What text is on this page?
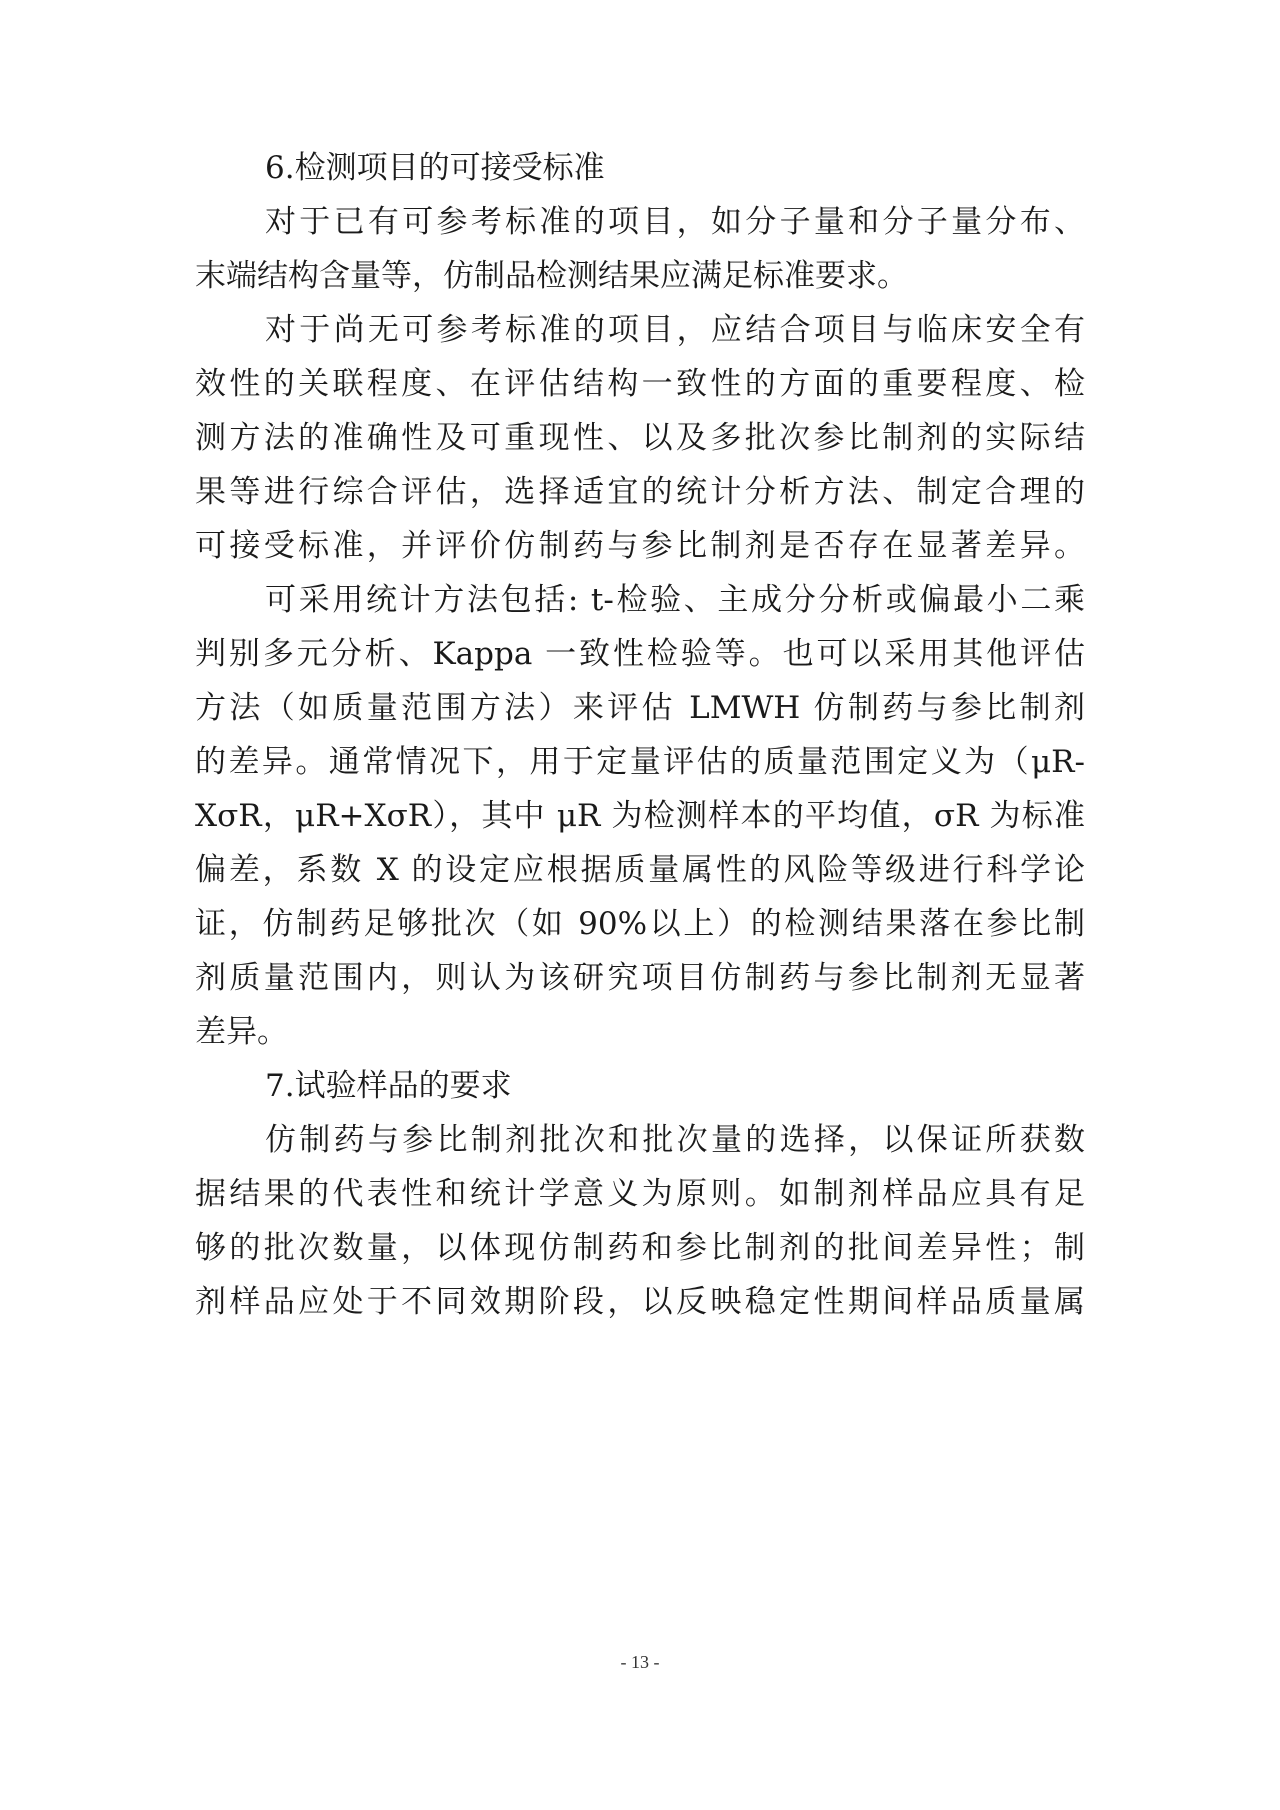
6.检测项目的可接受标准
对于已有可参考标准的项目，如分子量和分子量分布、
末端结构含量等，仿制品检测结果应满足标准要求。
对于尚无可参考标准的项目，应结合项目与临床安全有
效性的关联程度、在评估结构一致性的方面的重要程度、检
测方法的准确性及可重现性、以及多批次参比制剂的实际结
果等进行综合评估，选择适宜的统计分析方法、制定合理的
可接受标准，并评价仿制药与参比制剂是否存在显著差异。
可采用统计方法包括: t-检验、主成分分析或偏最小二乘
判别多元分析、Kappa 一致性检验等。也可以采用其他评估
方法（如质量范围方法）来评估 LMWH 仿制药与参比制剂
的差异。通常情况下，用于定量评估的质量范围定义为（μR-
XσR，μR+XσR），其中 μR 为检测样本的平均值，σR 为标准
偏差，系数 X 的设定应根据质量属性的风险等级进行科学论
证，仿制药足够批次（如 90%以上）的检测结果落在参比制
剂质量范围内，则认为该研究项目仿制药与参比制剂无显著
差异。
7.试验样品的要求
仿制药与参比制剂批次和批次量的选择，以保证所获数
据结果的代表性和统计学意义为原则。如制剂样品应具有足
够的批次数量，以体现仿制药和参比制剂的批间差异性；制
剂样品应处于不同效期阶段，以反映稳定性期间样品质量属
- 13 -
